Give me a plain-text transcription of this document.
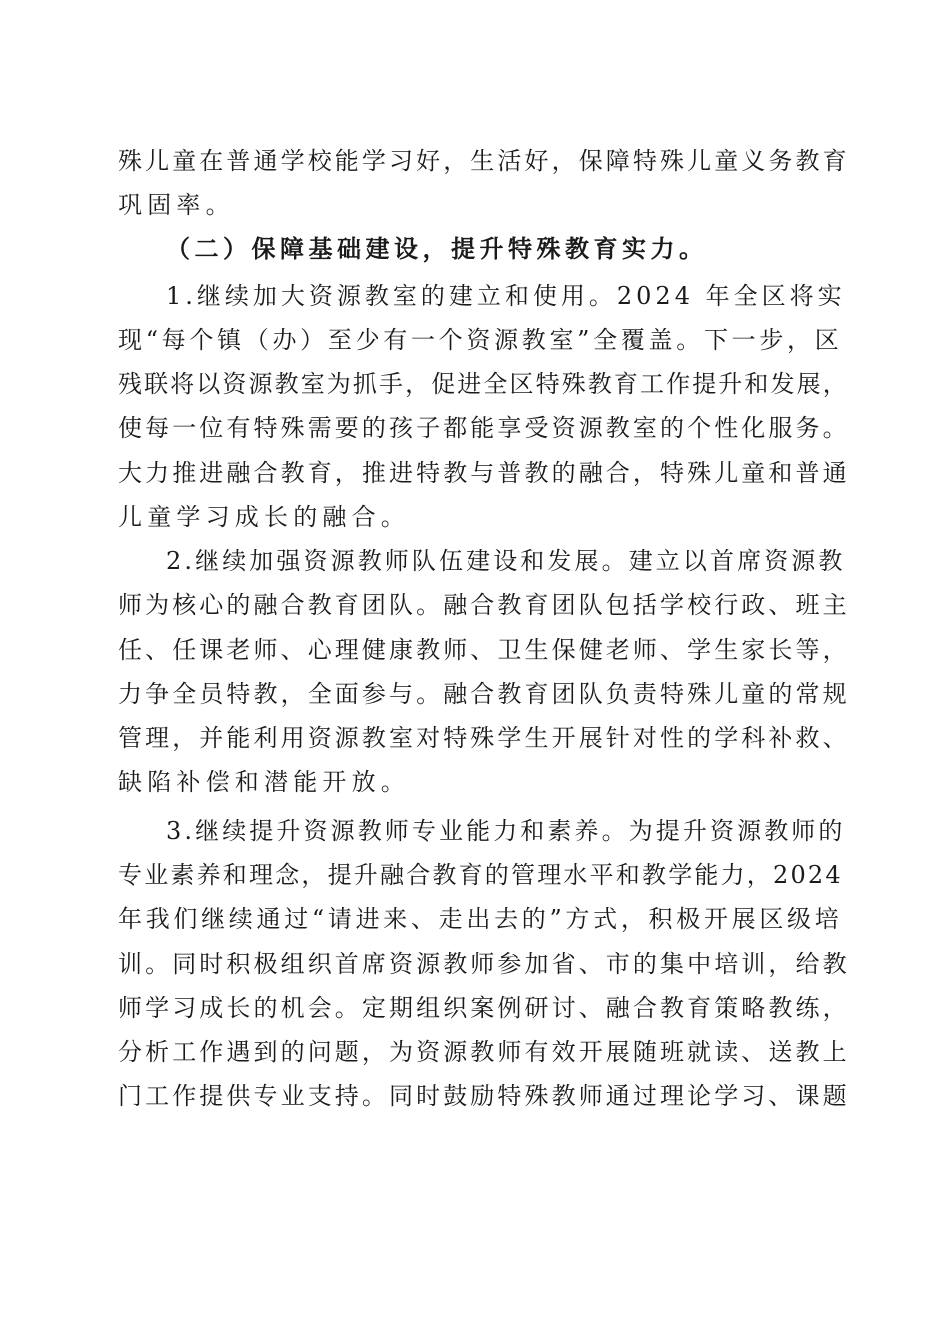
殊儿童在普通学校能学习好，生活好，保障特殊儿童义务教育
巩固率。
（二）保障基础建设，提升特殊教育实力。
1.继续加大资源教室的建立和使用。2024 年全区将实
现“每个镇（办）至少有一个资源教室”全覆盖。下一步，区
残联将以资源教室为抓手，促进全区特殊教育工作提升和发展，
使每一位有特殊需要的孩子都能享受资源教室的个性化服务。
大力推进融合教育，推进特教与普教的融合，特殊儿童和普通
儿童学习成长的融合。
2.继续加强资源教师队伍建设和发展。建立以首席资源教
师为核心的融合教育团队。融合教育团队包括学校行政、班主
任、任课老师、心理健康教师、卫生保健老师、学生家长等，
力争全员特教，全面参与。融合教育团队负责特殊儿童的常规
管理，并能利用资源教室对特殊学生开展针对性的学科补救、
缺陷补偿和潜能开放。
3.继续提升资源教师专业能力和素养。为提升资源教师的
专业素养和理念，提升融合教育的管理水平和教学能力，2024
年我们继续通过“请进来、走出去的”方式，积极开展区级培
训。同时积极组织首席资源教师参加省、市的集中培训，给教
师学习成长的机会。定期组织案例研讨、融合教育策略教练，
分析工作遇到的问题，为资源教师有效开展随班就读、送教上
门工作提供专业支持。同时鼓励特殊教师通过理论学习、课题
